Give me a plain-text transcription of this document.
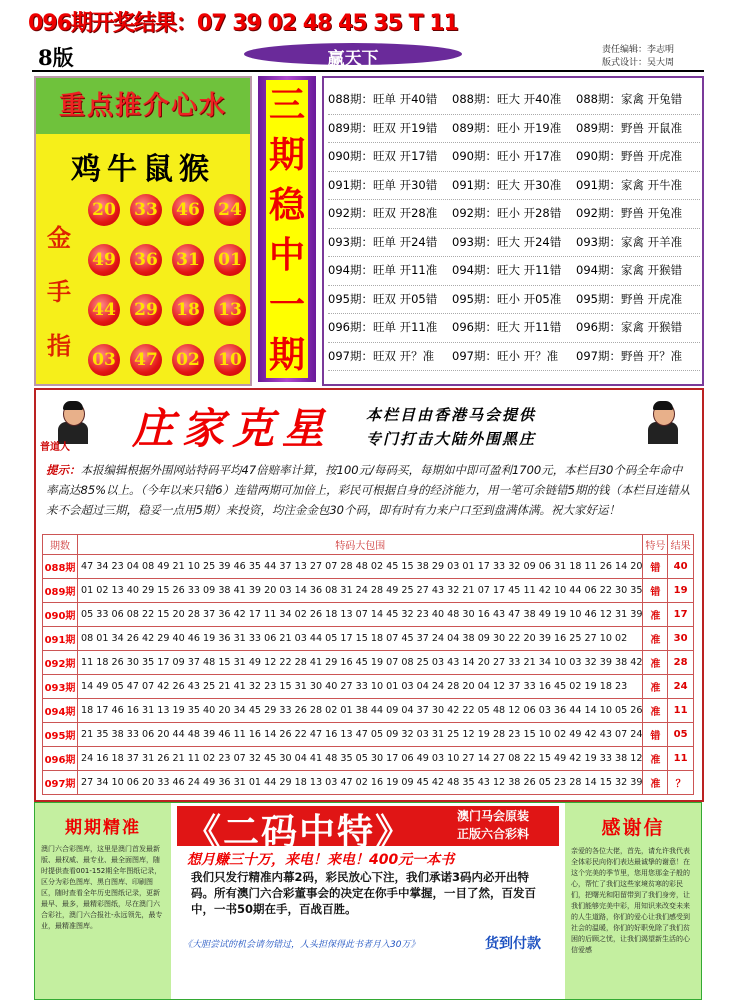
096期开奖结果：07 39 02 48 45 35 T 11
8版	赢天下	责任编辑：李志明
版式设计：吴大周
重点推介心水
鸡牛鼠猴
金
手
指
20 33 46 24
49 36 31 01
44 29 18 13
03 47 02 10
三
期
稳
中
一
期
088期：旺单 开40错	088期：旺大 开40准	088期：家禽 开兔错
089期：旺双 开19错	089期：旺小 开19准	089期：野兽 开鼠准
090期：旺双 开17错	090期：旺小 开17准	090期：野兽 开虎准
091期：旺单 开30错	091期：旺大 开30准	091期：家禽 开牛准
092期：旺双 开28准	092期：旺小 开28错	092期：野兽 开兔准
093期：旺单 开24错	093期：旺大 开24错	093期：家禽 开羊准
094期：旺单 开11准	094期：旺大 开11错	094期：家禽 开猴错
095期：旺双 开05错	095期：旺小 开05准	095期：野兽 开虎准
096期：旺单 开11准	096期：旺大 开11错	096期：家禽 开猴错
097期：旺双 开？准	097期：旺小 开？准	097期：野兽 开？准
普道人 庄家克星 本栏目由香港马会提供
专门打击大陆外围黑庄
提示：本报编辑根据外围网站特码平均47倍赔率计算，按100元/每码买，每期如中即可盈利1700元，本栏目30个码全年命中率高达85%以上。（今年以来只错6）连错两期可加倍上，彩民可根据自身的经济能力，用一笔可余链错5期的钱（本栏目连错从来不会超过三期，稳妥一点用5期）来投资，均注金金包30个码，即有时有力来户口至到盘满体满。祝大家好运！
期数	特码大包围	特号	结果
088期	47 34 23 04 08 49 21 10 25 39 46 35 44 37 13 27 07 28 48 02 45 15 38 29 03 01 17 33 32 09 06 31 18 11 26 14 20	错	40
089期	01 02 13 40 29 15 26 33 09 38 41 39 20 03 14 36 08 31 24 28 49 25 27 43 32 21 07 17 45 11 42 10 44 06 22 30 35	错	19
090期	05 33 06 08 22 15 20 28 37 36 42 17 11 34 02 26 18 13 07 14 45 32 23 40 48 30 16 43 47 38 49 19 10 46 12 31 39	准	17
091期	08 01 34 26 42 29 40 46 19 36 31 33 06 21 03 44 05 17 15 18 07 45 37 24 04 38 09 30 22 20 39 16 25 27 10 02	准	30
092期	11 18 26 30 35 17 09 37 48 15 31 49 12 22 28 41 29 16 45 19 07 08 25 03 43 14 20 27 33 21 34 10 03 32 39 38 42	准	28
093期	14 49 05 47 07 42 26 43 25 21 41 32 23 15 31 30 40 27 33 10 01 03 04 24 28 20 04 12 37 33 16 45 02 19 18 23	准	24
094期	18 17 46 16 31 13 19 35 40 20 34 45 29 33 26 28 02 01 38 44 09 04 37 30 42 22 05 48 12 06 03 36 44 14 10 05 26	准	11
095期	21 35 38 33 06 20 44 48 39 46 11 16 14 26 22 47 16 13 47 05 09 32 03 31 25 12 19 28 23 15 10 02 49 42 43 07 24	错	05
096期	24 16 18 37 31 26 21 11 02 23 07 32 45 30 04 41 48 35 05 30 17 06 49 03 10 27 14 27 08 22 15 49 42 19 33 38 12	准	11
097期	27 34 10 06 20 33 46 24 49 36 31 01 44 29 18 13 03 47 02 16 19 09 45 42 48 35 43 12 38 26 05 23 28 14 15 32 39	准	？
期期精准
澳门六合彩图库，这里是澳门首发最新版、最权威、最专业、最全面图库，随时提供查看001-152期全年图纸记录，区分为彩色图库、黑白图库、印刷图区，随时查看全年历史图纸记录，更新最早、最多，最精彩图纸，尽在澳门六合彩社，澳门六合报社-永远领先，最专业，最精准图库。
《二码中特》	澳门马会原装
正版六合彩料
想月赚三十万，来电！来电！400元一本书
我们只发行精准内幕2码，彩民放心下注，我们承诺3码内必开出特码。所有澳门六合彩董事会的决定在你手中掌握，一目了然，百发百中，一书50期在手，百战百胜。
《大胆尝试的机会请勿错过，人头担保得此书者月入30万》	货到付款
感谢信
亲爱的各位大佬，首先，请允许我代表全体彩民向你们表达最诚挚的谢意！在这个完美的季节里，您用您那金子般的心，帮忙了我们这些家境贫寒的彩民们，把曙光和阳留带到了我们身旁，让我们能够完美中彩，用知识来改变未来的人生道路，你们的爱心让我们感受到社会的温暖，你们的好职免除了我们贫困的后顾之忧，让我们渴望新生活的心信爱感
